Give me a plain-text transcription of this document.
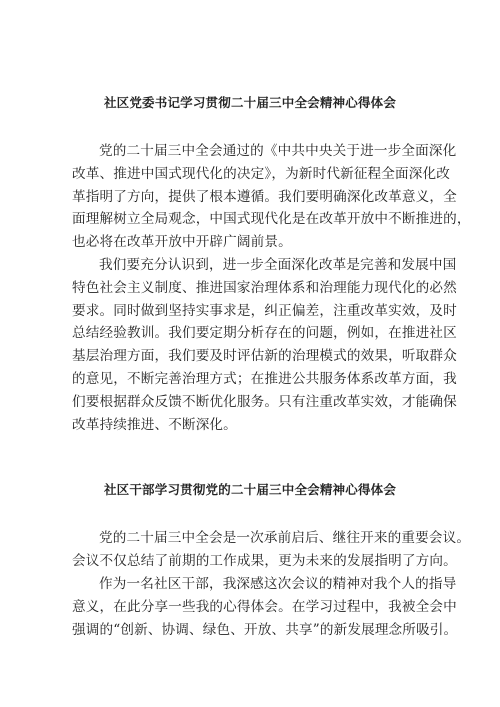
社区党委书记学习贯彻二十届三中全会精神心得体会
党的二十届三中全会通过的《中共中央关于进一步全面深化
改革、推进中国式现代化的决定》，为新时代新征程全面深化改
革指明了方向，提供了根本遵循。我们要明确深化改革意义，全
面理解树立全局观念，中国式现代化是在改革开放中不断推进的，
也必将在改革开放中开辟广阔前景。
我们要充分认识到，进一步全面深化改革是完善和发展中国
特色社会主义制度、推进国家治理体系和治理能力现代化的必然
要求。同时做到坚持实事求是，纠正偏差，注重改革实效，及时
总结经验教训。我们要定期分析存在的问题，例如，在推进社区
基层治理方面，我们要及时评估新的治理模式的效果，听取群众
的意见，不断完善治理方式；在推进公共服务体系改革方面，我
们要根据群众反馈不断优化服务。只有注重改革实效，才能确保
改革持续推进、不断深化。
社区干部学习贯彻党的二十届三中全会精神心得体会
党的二十届三中全会是一次承前启后、继往开来的重要会议。
会议不仅总结了前期的工作成果，更为未来的发展指明了方向。
作为一名社区干部，我深感这次会议的精神对我个人的指导
意义，在此分享一些我的心得体会。在学习过程中，我被全会中
强调的“创新、协调、绿色、开放、共享”的新发展理念所吸引。
